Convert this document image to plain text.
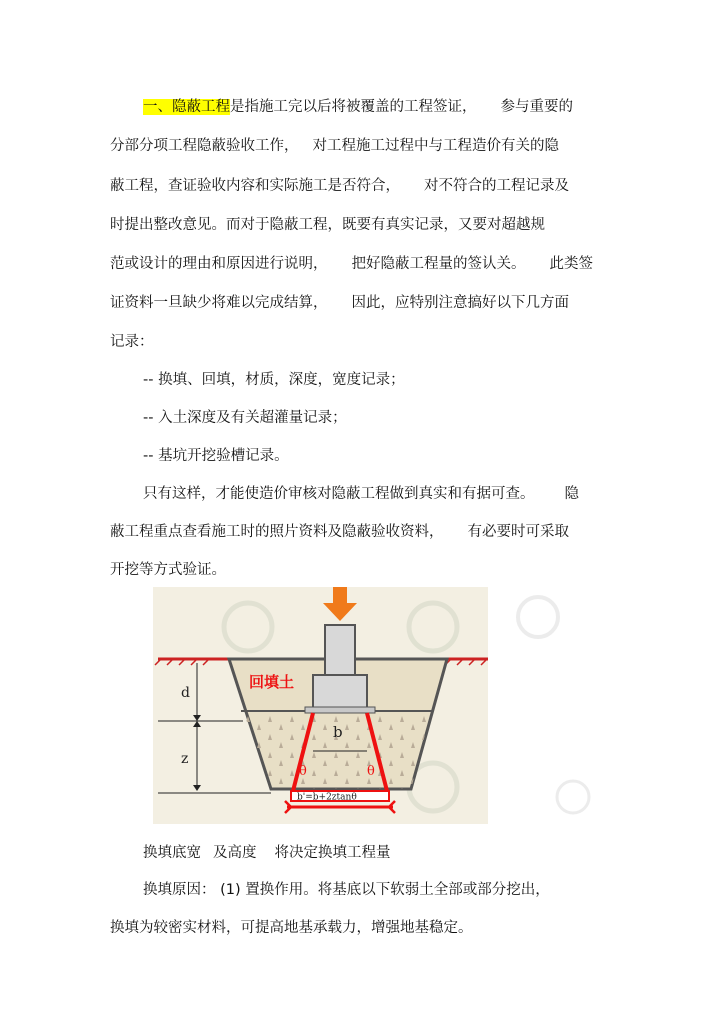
一、隐蔽工程是指施工完以后将被覆盖的工程签证， 参与重要的
分部分项工程隐蔽验收工作， 对工程施工过程中与工程造价有关的隐
蔽工程，查证验收内容和实际施工是否符合， 对不符合的工程记录及
时提出整改意见。而对于隐蔽工程，既要有真实记录，又要对超越规
范或设计的理由和原因进行说明， 把好隐蔽工程量的签认关。 此类签
证资料一旦缺少将难以完成结算， 因此，应特别注意搞好以下几方面
记录：
-- 换填、回填，材质，深度，宽度记录；
-- 入土深度及有关超灌量记录；
-- 基坑开挖验槽记录。
只有这样，才能使造价审核对隐蔽工程做到真实和有据可查。 隐
蔽工程重点查看施工时的照片资料及隐蔽验收资料， 有必要时可采取
开挖等方式验证。
回填土
d
z
b
θ	θ
b'=b+2ztanθ
换填底宽 及高度 将决定换填工程量
换填原因： (1) 置换作用。将基底以下软弱土全部或部分挖出，
换填为较密实材料，可提高地基承载力，增强地基稳定。
